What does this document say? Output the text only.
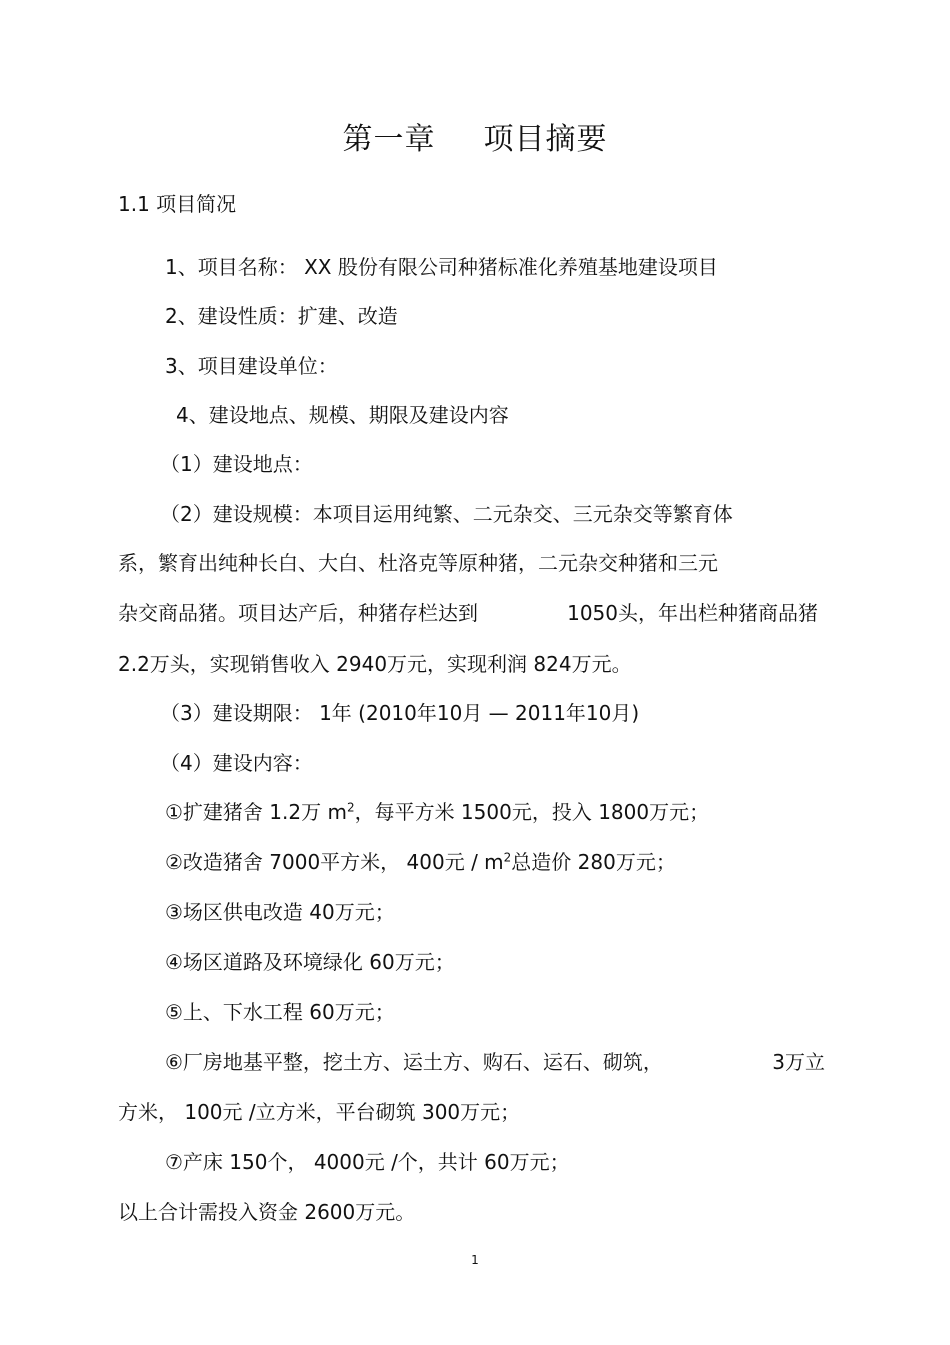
第一章 项目摘要
1.1 项目简况
1、项目名称： XX 股份有限公司种猪标准化养殖基地建设项目
2、建设性质：扩建、改造
3、项目建设单位：
4、建设地点、规模、期限及建设内容
（1）建设地点：
（2）建设规模：本项目运用纯繁、二元杂交、三元杂交等繁育体
系，繁育出纯种长白、大白、杜洛克等原种猪，二元杂交种猪和三元
杂交商品猪。项目达产后，种猪存栏达到	1050头，年出栏种猪商品猪
2.2万头，实现销售收入 2940万元，实现利润 824万元。
（3）建设期限： 1年 (2010年10月 — 2011年10月)
（4）建设内容：
①扩建猪舍 1.2万 $m^2$，每平方米 1500元，投入 1800万元；
②改造猪舍 7000平方米， 400元 / $m^2$总造价 280万元；
③场区供电改造 40万元；
④场区道路及环境绿化 60万元；
⑤上、下水工程 60万元；
⑥厂房地基平整，挖土方、运土方、购石、运石、砌筑，	3万立
方米， 100元 /立方米，平台砌筑 300万元；
⑦产床 150个， 4000元 /个，共计 60万元；
以上合计需投入资金 2600万元。
1
